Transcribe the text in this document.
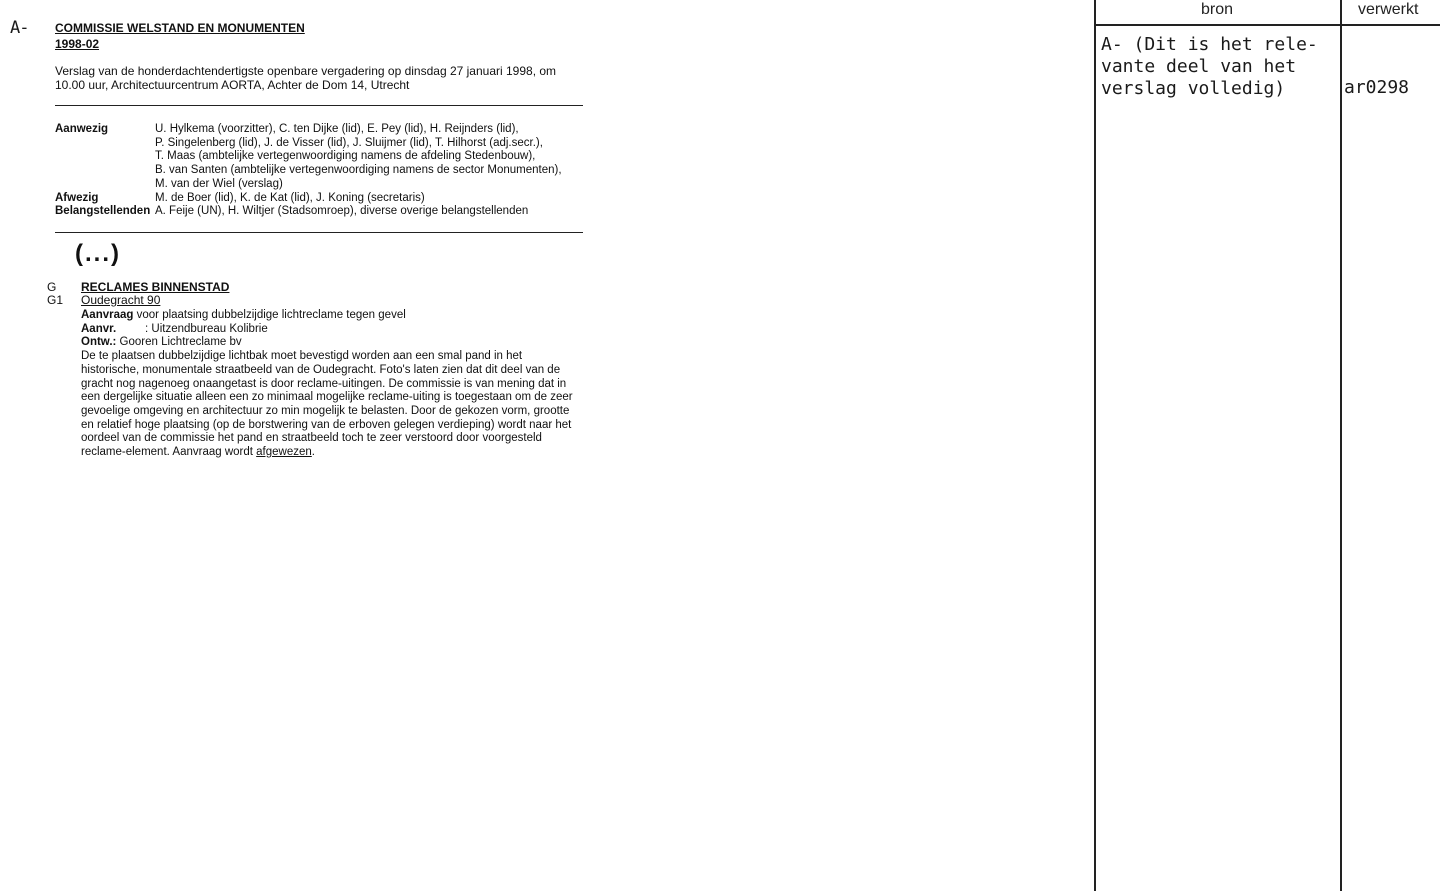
A- COMMISSIE WELSTAND EN MONUMENTEN
1998-02
Verslag van de honderdachtendertigste openbare vergadering op dinsdag 27 januari 1998, om 10.00 uur, Architectuurcentrum AORTA, Achter de Dom 14, Utrecht
Aanwezig	U. Hylkema (voorzitter), C. ten Dijke (lid), E. Pey (lid), H. Reijnders (lid),
P. Singelenberg (lid), J. de Visser (lid), J. Sluijmer (lid), T. Hilhorst (adj.secr.),
T. Maas (ambtelijke vertegenwoordiging namens de afdeling Stedenbouw),
B. van Santen (ambtelijke vertegenwoordiging namens de sector Monumenten),
M. van der Wiel (verslag)
Afwezig	M. de Boer (lid), K. de Kat (lid), J. Koning (secretaris)
Belangstellenden A. Feije (UN), H. Wiltjer (Stadsomroep), diverse overige belangstellenden
(...)
G RECLAMES BINNENSTAD
G1 Oudegracht 90
Aanvraag voor plaatsing dubbelzijdige lichtreclame tegen gevel
Aanvr.	: Uitzendbureau Kolibrie
Ontw.: Gooren Lichtreclame bv
De te plaatsen dubbelzijdige lichtbak moet bevestigd worden aan een smal pand in het historische, monumentale straatbeeld van de Oudegracht. Foto's laten zien dat dit deel van de gracht nog nagenoeg onaangetast is door reclame-uitingen. De commissie is van mening dat in een dergelijke situatie alleen een zo minimaal mogelijke reclame-uiting is toegestaan om de zeer gevoelige omgeving en architectuur zo min mogelijk te belasten. Door de gekozen vorm, grootte en relatief hoge plaatsing (op de borstwering van de erboven gelegen verdieping) wordt naar het oordeel van de commissie het pand en straatbeeld toch te zeer verstoord door voorgesteld reclame-element. Aanvraag wordt afgewezen.
bron	verwerkt
A- (Dit is het rele-
vante deel van het
verslag volledig)	ar0298
